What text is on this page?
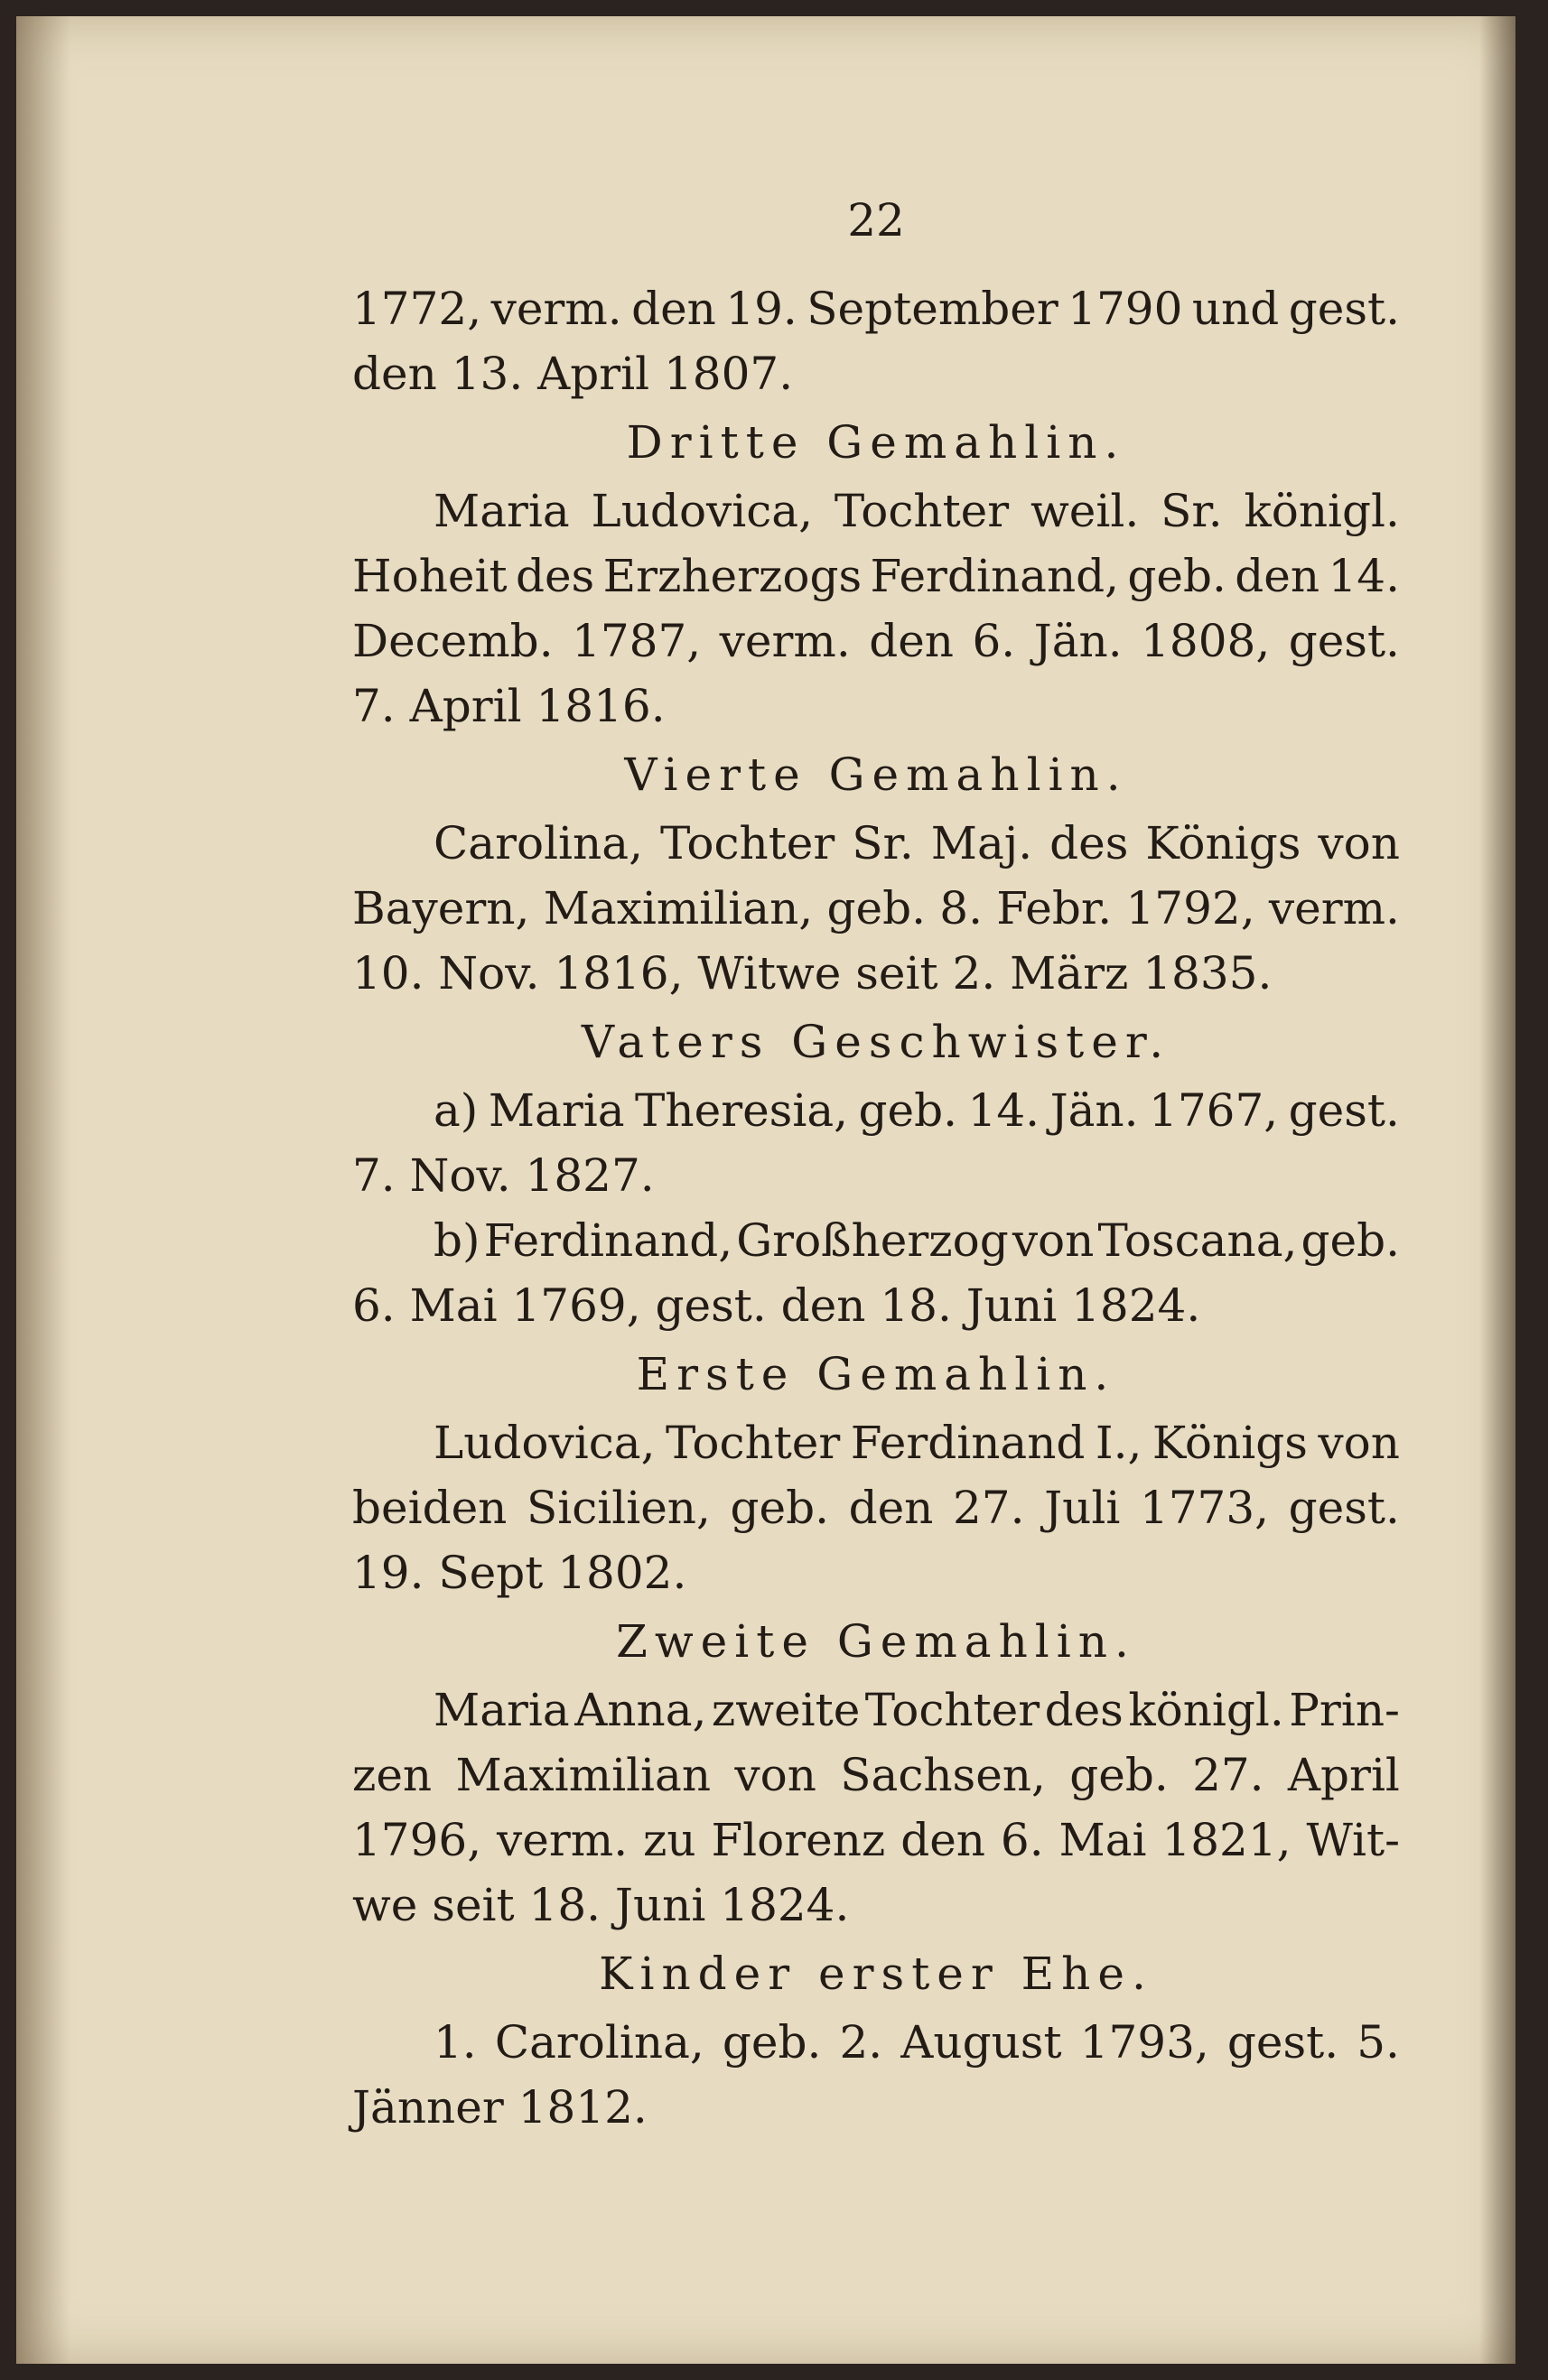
22
1772, verm. den 19. September 1790 und gest.
den 13. April 1807.
Dritte Gemahlin.
Maria Ludovica, Tochter weil. Sr. königl.
Hoheit des Erzherzogs Ferdinand, geb. den 14.
Decemb. 1787, verm. den 6. Jän. 1808, gest.
7. April 1816.
Vierte Gemahlin.
Carolina, Tochter Sr. Maj. des Königs von
Bayern, Maximilian, geb. 8. Febr. 1792, verm.
10. Nov. 1816, Witwe seit 2. März 1835.
Vaters Geschwister.
a) Maria Theresia, geb. 14. Jän. 1767, gest.
7. Nov. 1827.
b) Ferdinand, Großherzog von Toscana, geb.
6. Mai 1769, gest. den 18. Juni 1824.
Erste Gemahlin.
Ludovica, Tochter Ferdinand I., Königs von
beiden Sicilien, geb. den 27. Juli 1773, gest.
19. Sept 1802.
Zweite Gemahlin.
Maria Anna, zweite Tochter des königl. Prin-
zen Maximilian von Sachsen, geb. 27. April
1796, verm. zu Florenz den 6. Mai 1821, Wit-
we seit 18. Juni 1824.
Kinder erster Ehe.
1. Carolina, geb. 2. August 1793, gest. 5.
Jänner 1812.
